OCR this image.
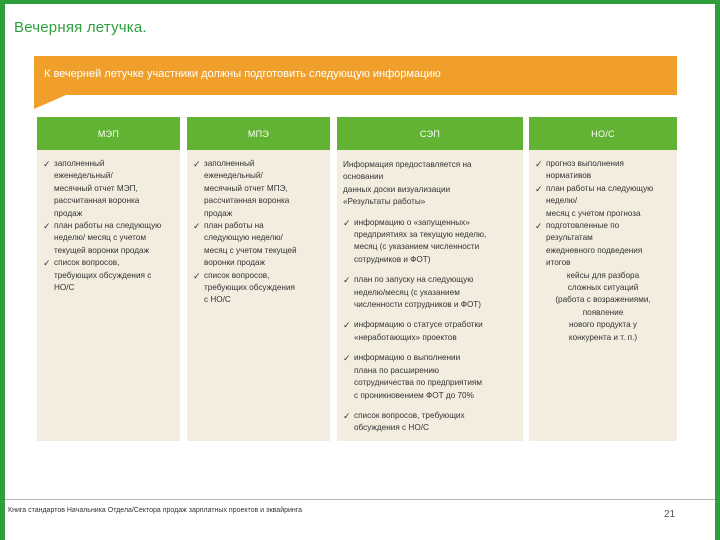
Вечерняя летучка.
К вечерней летучке участники должны подготовить следующую информацию
МЭП
✓ заполненный
еженедельный/
месячный отчет МЭП,
рассчитанная воронка
продаж
✓ план работы на следующую
неделю/ месяц с учетом
текущей воронки продаж
✓ список вопросов,
требующих обсуждения с
НО/С
МПЭ
✓ заполненный
еженедельный/
месячный отчет МПЭ,
рассчитанная воронка
продаж
✓ план работы на
следующую неделю/
месяц с учетом текущей
воронки продаж
✓ список вопросов,
требующих обсуждения
с НО/С
СЭП
Информация предоставляется на
основании
данных доски визуализации
«Результаты работы»
✓ информацию о «запущенных»
предприятиях за текущую неделю,
месяц (с указанием численности
сотрудников и ФОТ)
✓ план по запуску на следующую
неделю/месяц (с указанием
численности сотрудников и ФОТ)
✓ информацию о статусе отработки
«неработающих» проектов
✓ информацию о выполнении
плана по расширению
сотрудничества по предприятиям
с проникновением ФОТ до 70%
✓ список вопросов, требующих
обсуждения с НО/С
НО/С
✓ прогноз выполнения
нормативов
✓ план работы на следующую
неделю/
месяц с учетом прогноза
✓ подготовленные по
результатам
ежедневного подведения
итогов
кейсы для разбора
сложных ситуаций
(работа с возражениями,
появление
нового продукта у
конкурента и т. п.)
Книга стандартов Начальника Отдела/Сектора продаж зарплатных проектов и эквайринга	21
